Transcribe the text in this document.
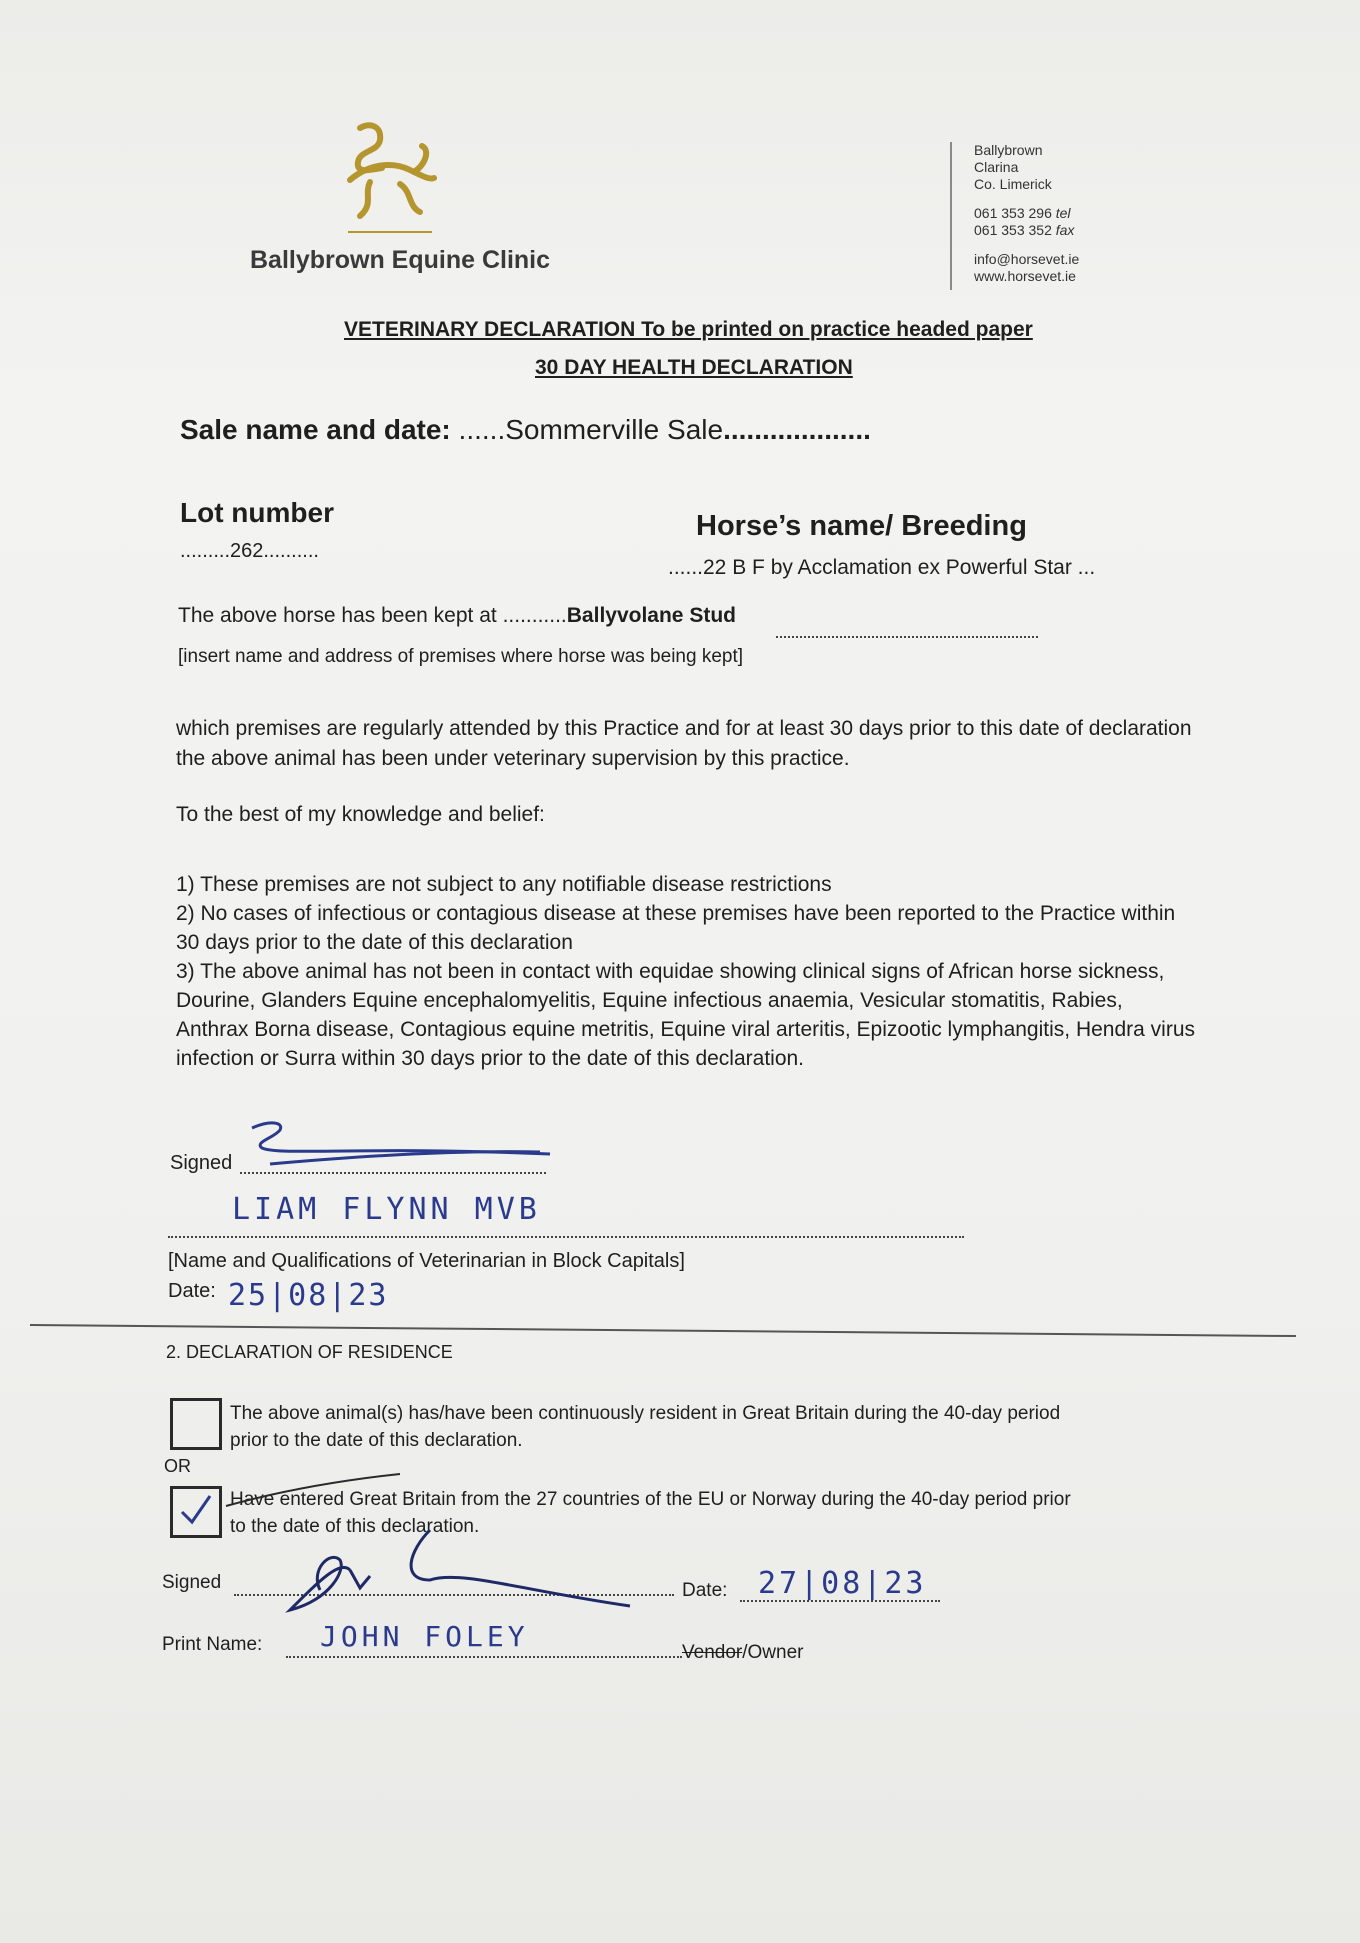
Ballybrown Equine Clinic
Ballybrown
Clarina
Co. Limerick
061 353 296 tel
061 353 352 fax
info@horsevet.ie
www.horsevet.ie
VETERINARY DECLARATION To be printed on practice headed paper
30 DAY HEALTH DECLARATION
Sale name and date: ......Sommerville Sale...................
Lot number
.........262..........
Horse’s name/ Breeding
......22 B F by Acclamation ex Powerful Star ...
The above horse has been kept at ...........Ballyvolane Stud
[insert name and address of premises where horse was being kept]
which premises are regularly attended by this Practice and for at least 30 days prior to this date of declaration the above animal has been under veterinary supervision by this practice.
To the best of my knowledge and belief:
1) These premises are not subject to any notifiable disease restrictions
2) No cases of infectious or contagious disease at these premises have been reported to the Practice within 30 days prior to the date of this declaration
3) The above animal has not been in contact with equidae showing clinical signs of African horse sickness, Dourine, Glanders Equine encephalomyelitis, Equine infectious anaemia, Vesicular stomatitis, Rabies, Anthrax Borna disease, Contagious equine metritis, Equine viral arteritis, Epizootic lymphangitis, Hendra virus infection or Surra within 30 days prior to the date of this declaration.
Signed
LIAM FLYNN MVB
[Name and Qualifications of Veterinarian in Block Capitals]
Date: 25|08|23
2. DECLARATION OF RESIDENCE
The above animal(s) has/have been continuously resident in Great Britain during the 40-day period prior to the date of this declaration.
OR
Have entered Great Britain from the 27 countries of the EU or Norway during the 40-day period prior to the date of this declaration.
Signed	Date: 27|08|23
Print Name: JOHN FOLEY	Vendor/Owner
